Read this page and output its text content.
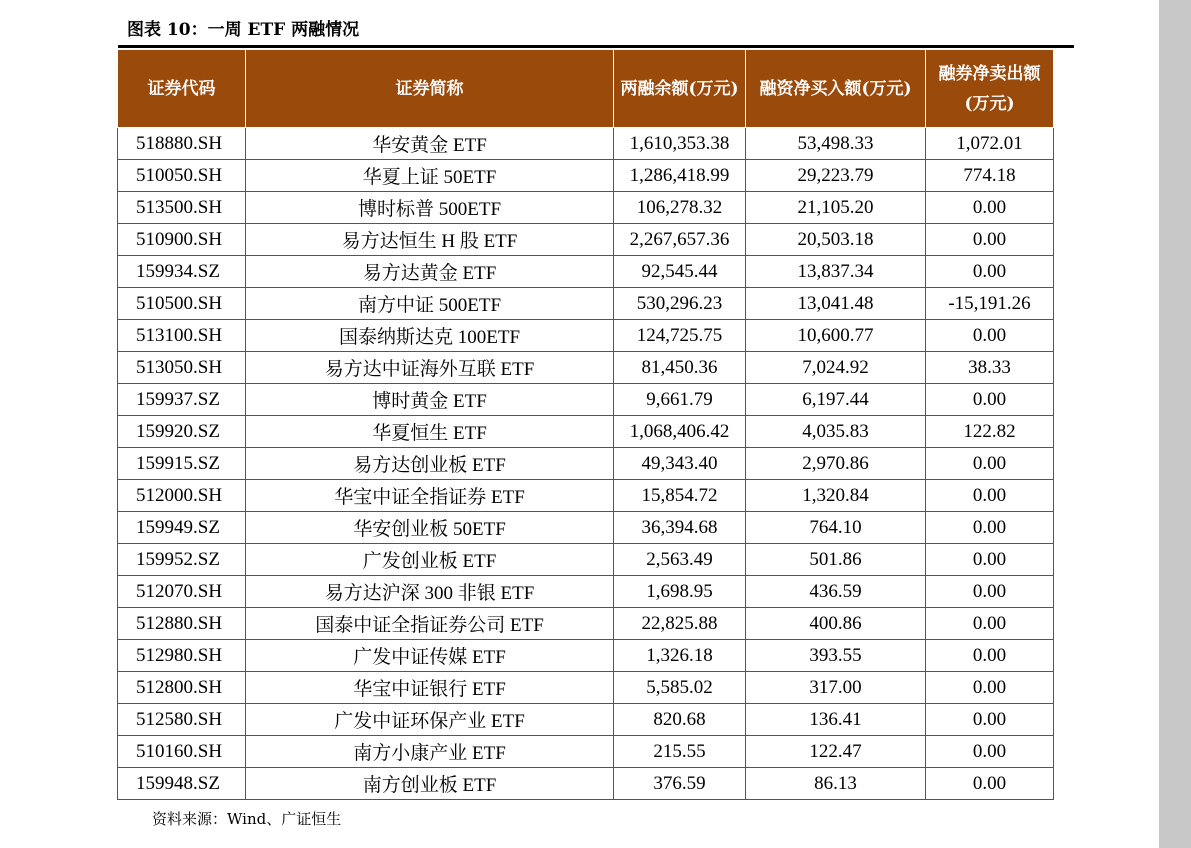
图表 10：一周 ETF 两融情况
证券代码	证券简称	两融余额(万元)	融资净买入额(万元)	融券净卖出额(万元)
518880.SH	华安黄金 ETF	1,610,353.38	53,498.33	1,072.01
510050.SH	华夏上证 50ETF	1,286,418.99	29,223.79	774.18
513500.SH	博时标普 500ETF	106,278.32	21,105.20	0.00
510900.SH	易方达恒生 H 股 ETF	2,267,657.36	20,503.18	0.00
159934.SZ	易方达黄金 ETF	92,545.44	13,837.34	0.00
510500.SH	南方中证 500ETF	530,296.23	13,041.48	-15,191.26
513100.SH	国泰纳斯达克 100ETF	124,725.75	10,600.77	0.00
513050.SH	易方达中证海外互联 ETF	81,450.36	7,024.92	38.33
159937.SZ	博时黄金 ETF	9,661.79	6,197.44	0.00
159920.SZ	华夏恒生 ETF	1,068,406.42	4,035.83	122.82
159915.SZ	易方达创业板 ETF	49,343.40	2,970.86	0.00
512000.SH	华宝中证全指证券 ETF	15,854.72	1,320.84	0.00
159949.SZ	华安创业板 50ETF	36,394.68	764.10	0.00
159952.SZ	广发创业板 ETF	2,563.49	501.86	0.00
512070.SH	易方达沪深 300 非银 ETF	1,698.95	436.59	0.00
512880.SH	国泰中证全指证券公司 ETF	22,825.88	400.86	0.00
512980.SH	广发中证传媒 ETF	1,326.18	393.55	0.00
512800.SH	华宝中证银行 ETF	5,585.02	317.00	0.00
512580.SH	广发中证环保产业 ETF	820.68	136.41	0.00
510160.SH	南方小康产业 ETF	215.55	122.47	0.00
159948.SZ	南方创业板 ETF	376.59	86.13	0.00
资料来源：Wind、广证恒生
